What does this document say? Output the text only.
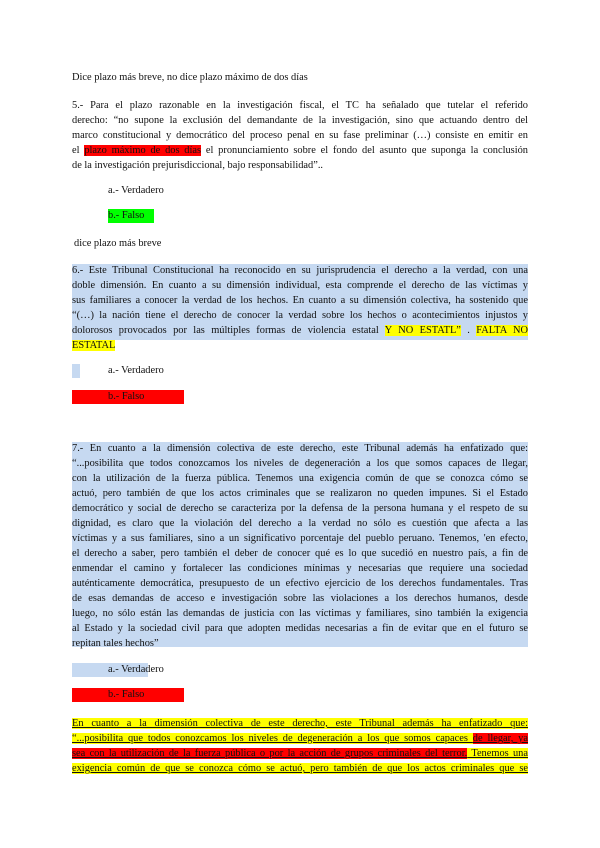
Dice plazo más breve, no dice plazo máximo de dos días
5.- Para el plazo razonable en la investigación fiscal, el TC ha señalado que tutelar el referido
derecho: “no supone la exclusión del demandante de la investigación, sino que actuando dentro del
marco constitucional y democrático del proceso penal en su fase preliminar (…) consiste en emitir en
el plazo máximo de dos días el pronunciamiento sobre el fondo del asunto que suponga la conclusión
de la investigación prejurisdiccional, bajo responsabilidad”..
a.- Verdadero
b.- Falso
dice plazo más breve
6.- Este Tribunal Constitucional ha reconocido en su jurisprudencia el derecho a la verdad, con una
doble dimensión. En cuanto a su dimensión individual, esta comprende el derecho de las víctimas y
sus familiares a conocer la verdad de los hechos. En cuanto a su dimensión colectiva, ha sostenido que
“(…) la nación tiene el derecho de conocer la verdad sobre los hechos o acontecimientos injustos y
dolorosos provocados por las múltiples formas de violencia estatal Y NO ESTATL” . FALTA NO
ESTATAL
a.- Verdadero
b.- Falso
7.- En cuanto a la dimensión colectiva de este derecho, este Tribunal además ha enfatizado que:
“...posibilita que todos conozcamos los niveles de degeneración a los que somos capaces de llegar,
con la utilización de la fuerza pública. Tenemos una exigencia común de que se conozca cómo se
actuó, pero también de que los actos criminales que se realizaron no queden impunes. Si el Estado
democrático y social de derecho se caracteriza por la defensa de la persona humana y el respeto de su
dignidad, es claro que la violación del derecho a la verdad no sólo es cuestión que afecta a las
víctimas y a sus familiares, sino a un significativo porcentaje del pueblo peruano. Tenemos, 'en efecto,
el derecho a saber, pero también el deber de conocer qué es lo que sucedió en nuestro país, a fin de
enmendar el camino y fortalecer las condiciones mínimas y necesarias que requiere una sociedad
auténticamente democrática, presupuesto de un efectivo ejercicio de los derechos fundamentales. Tras
de esas demandas de acceso e investigación sobre las violaciones a los derechos humanos, desde
luego, no sólo están las demandas de justicia con las víctimas y familiares, sino también la exigencia
al Estado y la sociedad civil para que adopten medidas necesarias a fin de evitar que en el futuro se
repitan tales hechos”
a.- Verdadero
b.- Falso
En cuanto a la dimensión colectiva de este derecho, este Tribunal además ha enfatizado que:
“...posibilita que todos conozcamos los niveles de degeneración a los que somos capaces de llegar, ya
sea con la utilización de la fuerza pública o por la acción de grupos criminales del terror. Tenemos una
exigencia común de que se conozca cómo se actuó, pero también de que los actos criminales que se
